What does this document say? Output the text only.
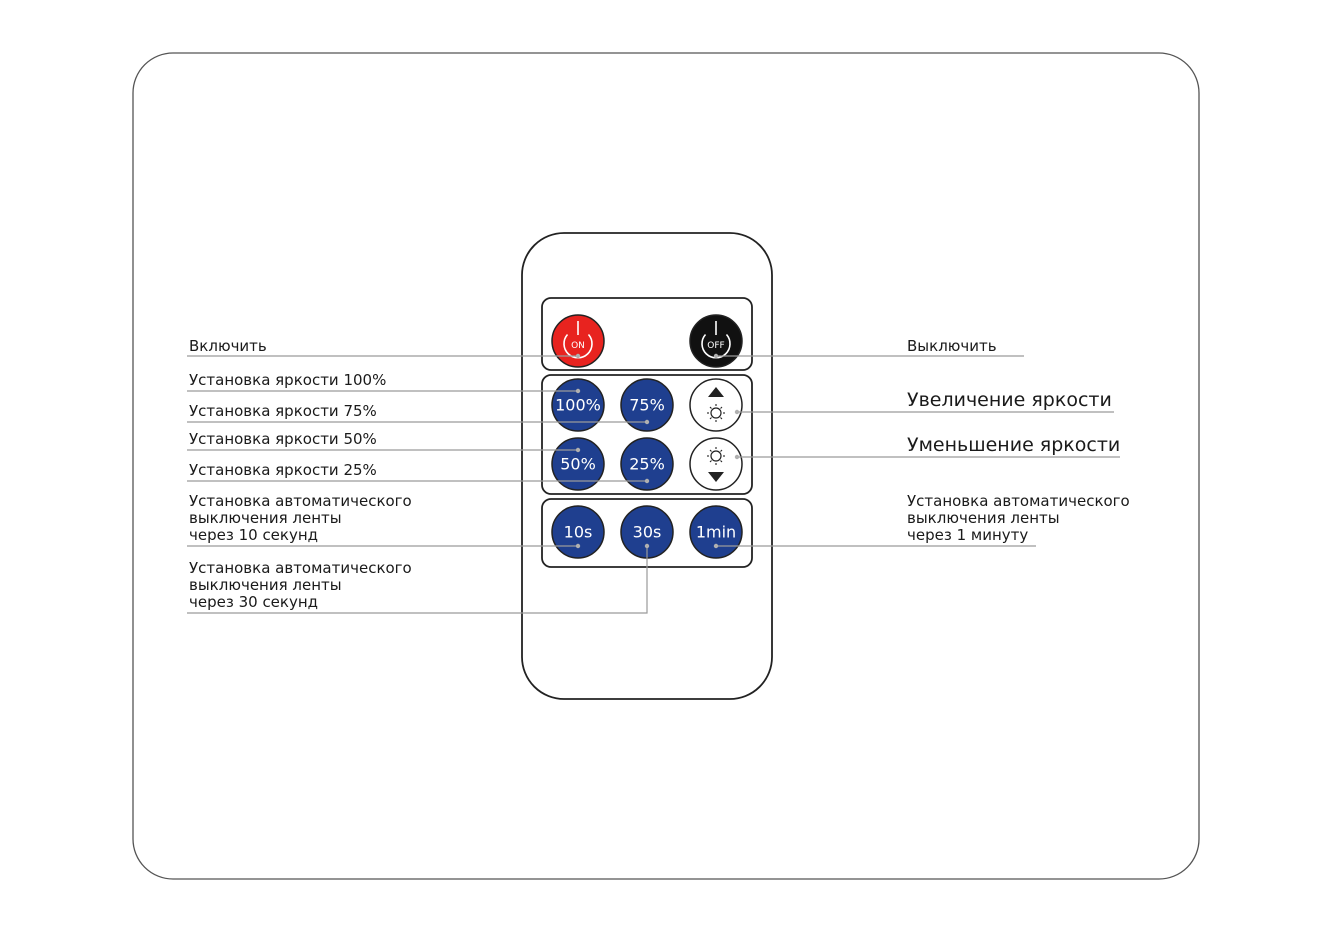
ON	OFF
100% 75%
50% 25%
10s	30s 1min
Включить	Выключить
Установка яркости 100%
Установка яркости 75%
Установка яркости 50%
Установка яркости 25%
Увеличение яркости
Уменьшение яркости
Установка автоматического
выключения ленты
через 10 секунд
Установка автоматического
выключения ленты
через 30 секунд
Установка автоматического
выключения ленты
через 1 минуту
